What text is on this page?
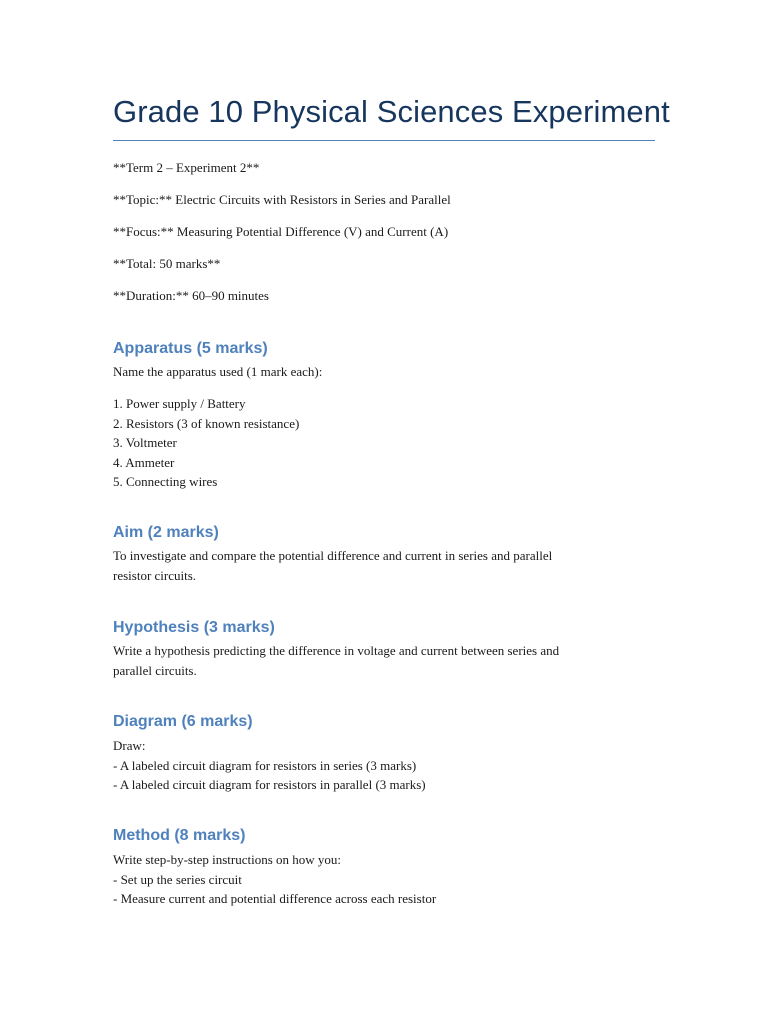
Grade 10 Physical Sciences Experiment

**Term 2 – Experiment 2**

**Topic:** Electric Circuits with Resistors in Series and Parallel

**Focus:** Measuring Potential Difference (V) and Current (A)

**Total: 50 marks**

**Duration:** 60–90 minutes

Apparatus (5 marks)

Name the apparatus used (1 mark each):

1. Power supply / Battery
2. Resistors (3 of known resistance)
3. Voltmeter
4. Ammeter
5. Connecting wires
Aim (2 marks)
To investigate and compare the potential difference and current in series and parallel
resistor circuits.
Hypothesis (3 marks)
Write a hypothesis predicting the difference in voltage and current between series and
parallel circuits.
Diagram (6 marks)
Draw:
- A labeled circuit diagram for resistors in series (3 marks)
- A labeled circuit diagram for resistors in parallel (3 marks)
Method (8 marks)
Write step-by-step instructions on how you:
- Set up the series circuit
- Measure current and potential difference across each resistor
